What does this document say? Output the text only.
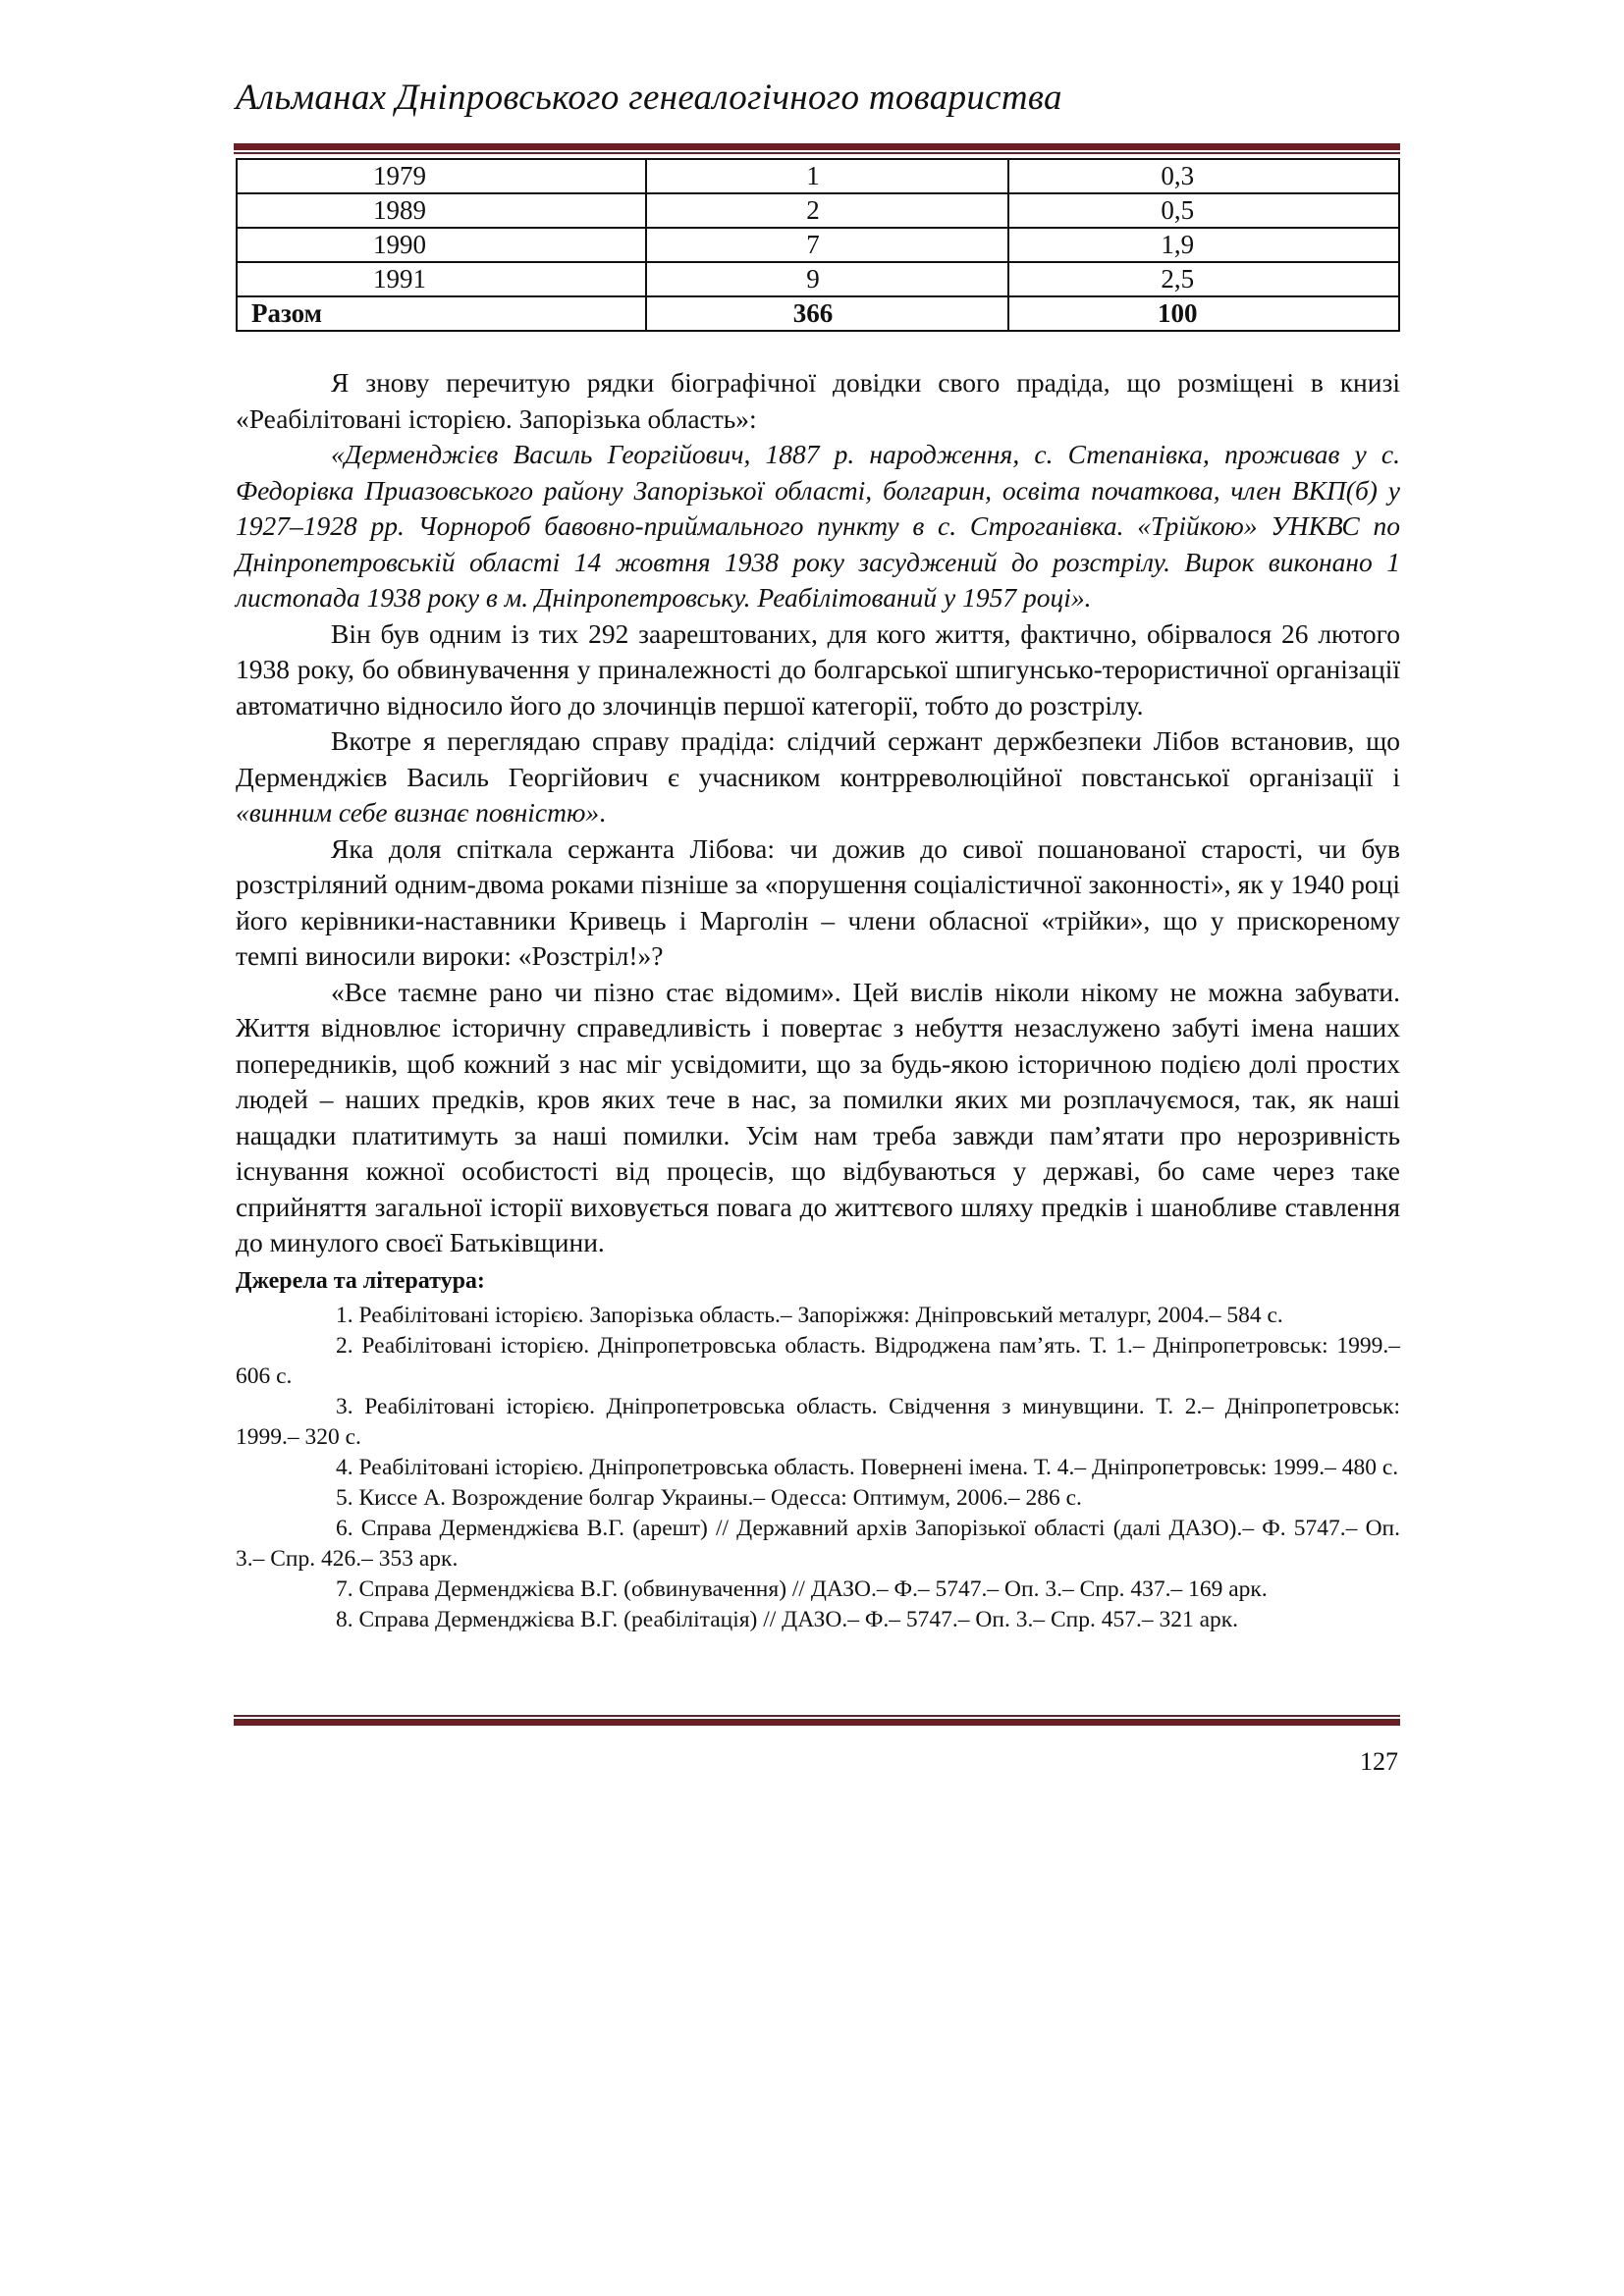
Альманах Дніпровського генеалогічного товариства
1979	1	0,3
1989	2	0,5
1990	7	1,9
1991	9	2,5
Разом	366	100

Я знову перечитую рядки біографічної довідки свого прадіда, що розміщені в книзі «Реабілітовані історією. Запорізька область»:

«Дерменджієв Василь Георгійович, 1887 р. народження, с. Степанівка, проживав у с. Федорівка Приазовського району Запорізької області, болгарин, освіта початкова, член ВКП(б) у 1927–1928 рр. Чорнороб бавовно-приймального пункту в с. Строганівка. «Трійкою» УНКВС по Дніпропетровській області 14 жовтня 1938 року засуджений до розстрілу. Вирок виконано 1 листопада 1938 року в м. Дніпропетровську. Реабілітований у 1957 році».

Він був одним із тих 292 заарештованих, для кого життя, фактично, обірвалося 26 лютого 1938 року, бо обвинувачення у приналежності до болгарської шпигунсько-терористичної організації автоматично відносило його до злочинців першої категорії, тобто до розстрілу.

Вкотре я переглядаю справу прадіда: слідчий сержант держбезпеки Лібов встановив, що Дерменджієв Василь Георгійович є учасником контрреволюційної повстанської організації і «винним себе визнає повністю».

Яка доля спіткала сержанта Лібова: чи дожив до сивої пошанованої старості, чи був розстріляний одним-двома роками пізніше за «порушення соціалістичної законності», як у 1940 році його керівники-наставники Кривець і Марголін – члени обласної «трійки», що у прискореному темпі виносили вироки: «Розстріл!»?

«Все таємне рано чи пізно стає відомим». Цей вислів ніколи нікому не можна забувати. Життя відновлює історичну справедливість і повертає з небуття незаслужено забуті імена наших попередників, щоб кожний з нас міг усвідомити, що за будь-якою історичною подією долі простих людей – наших предків, кров яких тече в нас, за помилки яких ми розплачуємося, так, як наші нащадки платитимуть за наші помилки. Усім нам треба завжди пам’ятати про нерозривність існування кожної особистості від процесів, що відбуваються у державі, бо саме через таке сприйняття загальної історії виховується повага до життєвого шляху предків і шанобливе ставлення до минулого своєї Батьківщини.

Джерела та література:

1. Реабілітовані історією. Запорізька область.– Запоріжжя: Дніпровський металург, 2004.– 584 с.

2. Реабілітовані історією. Дніпропетровська область. Відроджена пам’ять. Т. 1.– Дніпропетровськ: 1999.– 606 с.

3. Реабілітовані історією. Дніпропетровська область. Свідчення з минувщини. Т. 2.– Дніпропетровськ: 1999.– 320 с.

4. Реабілітовані історією. Дніпропетровська область. Повернені імена. Т. 4.– Дніпропетровськ: 1999.– 480 с.

5. Киссе А. Возрождение болгар Украины.– Одесса: Оптимум, 2006.– 286 с.

6. Справа Дерменджієва В.Г. (арешт) // Державний архів Запорізької області (далі ДАЗО).– Ф. 5747.– Оп. 3.– Спр. 426.– 353 арк.

7. Справа Дерменджієва В.Г. (обвинувачення) // ДАЗО.– Ф.– 5747.– Оп. 3.– Спр. 437.– 169 арк.

8. Справа Дерменджієва В.Г. (реабілітація) // ДАЗО.– Ф.– 5747.– Оп. 3.– Спр. 457.– 321 арк.

127
